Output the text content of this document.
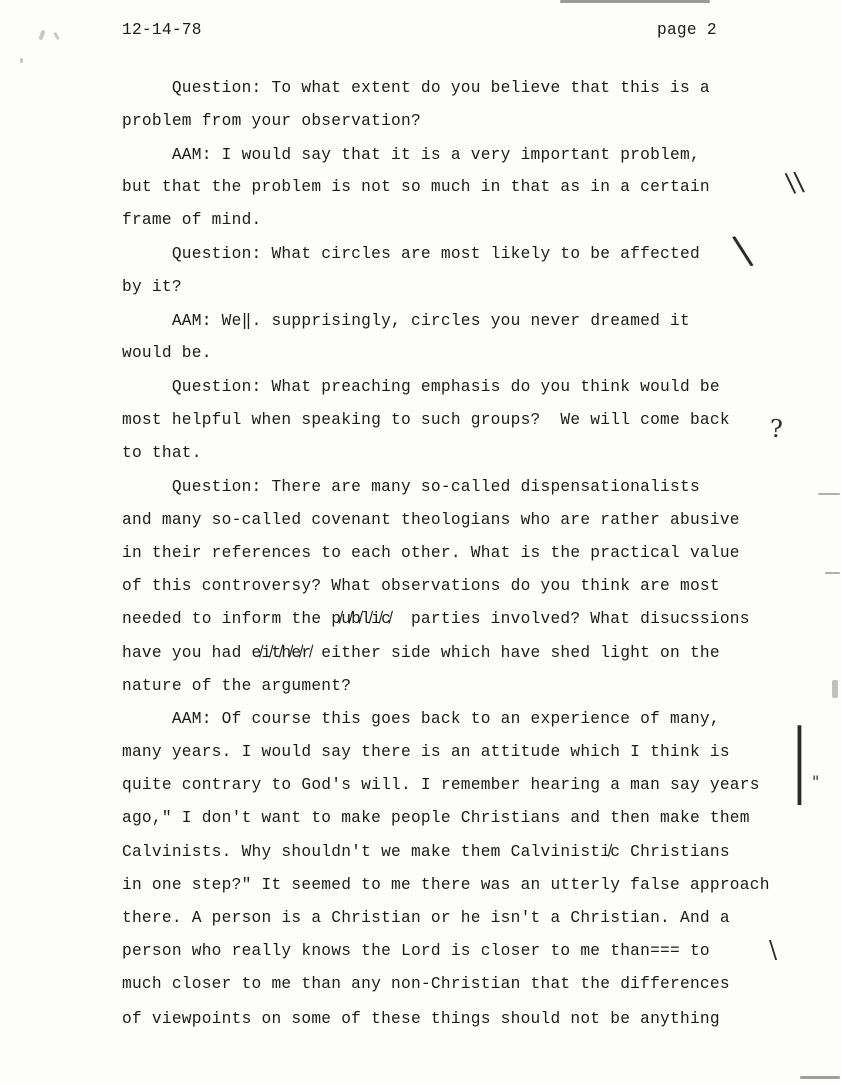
12-14-78	page 2
Question: To what extent do you believe that this is a
problem from your observation?
AAM: I would say that it is a very important problem,
but that the problem is not so much in that as in a certain
frame of mind.
Question: What circles are most likely to be affected
by it?
AAM: We‖. supprisingly, circles you never dreamed it
would be.
Question: What preaching emphasis do you think would be
most helpful when speaking to such groups?  We will come back
to that.
Question: There are many so-called dispensationalists
and many so-called covenant theologians who are rather abusive
in their references to each other. What is the practical value
of this controversy? What observations do you think are most
needed to inform the p̸u̸b̸l̸i̸c̸  parties involved? What disucssions
have you had e̸i̸t̸h̸e̸r̸ either side which have shed light on the
nature of the argument?
AAM: Of course this goes back to an experience of many,
many years. I would say there is an attitude which I think is
quite contrary to God's will. I remember hearing a man say years
ago," I don't want to make people Christians and then make them
Calvinists. Why shouldn't we make them Calvinisti̸c Christians
in one step?" It seemed to me there was an utterly false approach
there. A person is a Christian or he isn't a Christian. And a
person who really knows the Lord is closer to me than=== to
much closer to me than any non-Christian that the differences
of viewpoints on some of these things should not be anything
\\
\
?
|
\
"
